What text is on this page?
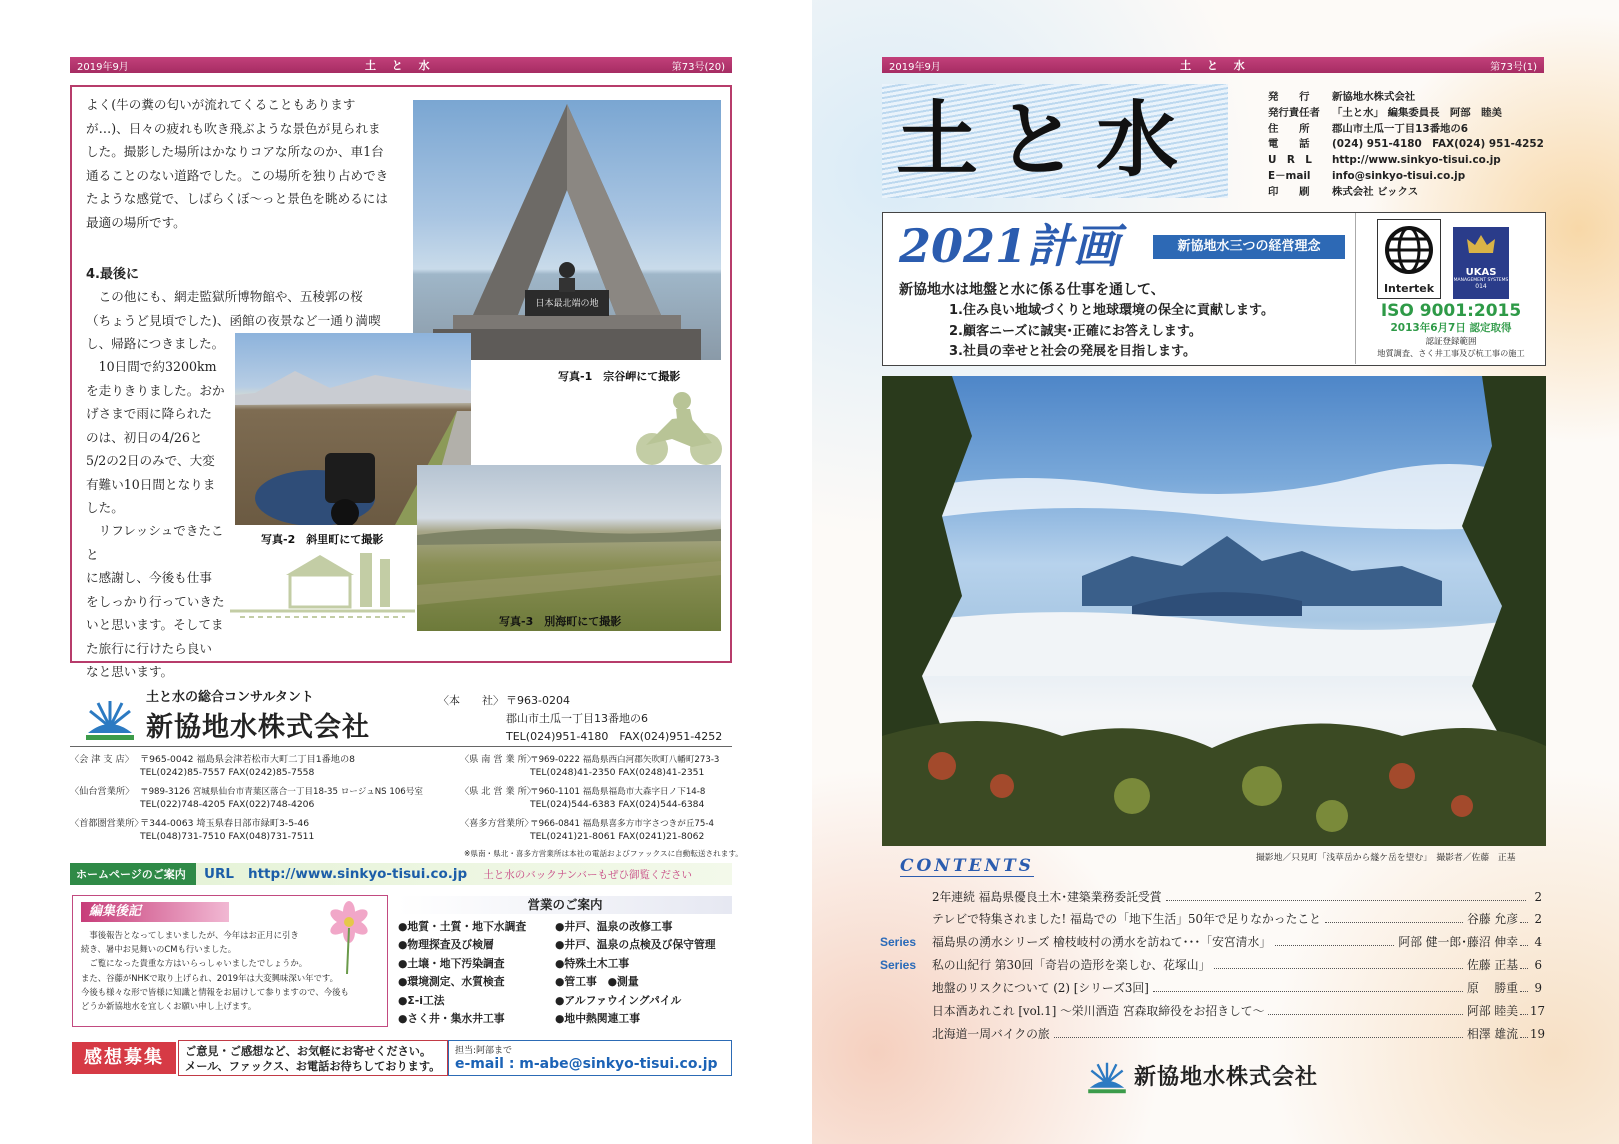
2019年9月	土 と 水	第73号(20)
よく(牛の糞の匂いが流れてくることもあります
が…)、日々の疲れも吹き飛ぶような景色が見られま
した。撮影した場所はかなりコアな所なのか、車1台
通ることのない道路でした。この場所を独り占めでき
たような感覚で、しばらくぼ〜っと景色を眺めるには
最適の場所です。
4.最後に
　この他にも、網走監獄所博物館や、五稜郭の桜
（ちょうど見頃でした)、函館の夜景など一通り満喫
し、帰路につきました。
　10日間で約3200km
を走りきりました。おか
げさまで雨に降られた
のは、初日の4/26と
5/2の2日のみで、大変
有難い10日間となりま
した。
　リフレッシュできたこと
に感謝し、今後も仕事
をしっかり行っていきた
いと思います。そしてま
た旅行に行けたら良い
なと思います。
日本最北端の地
写真-1　宗谷岬にて撮影
写真-2　斜里町にて撮影
写真-3　別海町にて撮影
土と水の総合コンサルタント
新協地水株式会社
〈本　　社〉 〒963-0204
郡山市土瓜一丁目13番地の6
TEL(024)951-4180　FAX(024)951-4252
〈会 津 支 店〉 〒965-0042 福島県会津若松市大町二丁目1番地の8
TEL(0242)85-7557 FAX(0242)85-7558
〈仙台営業所〉 〒989-3126 宮城県仙台市青葉区落合一丁目18-35 ロージュNS 106号室
TEL(022)748-4205 FAX(022)748-4206
〈首都圏営業所〉
〒344-0063 埼玉県春日部市緑町3-5-46
TEL(048)731-7510 FAX(048)731-7511
〈県 南 営 業 所〉
〒969-0222 福島県西白河郡矢吹町八幡町273-3
TEL(0248)41-2350 FAX(0248)41-2351
〈県 北 営 業 所〉
〒960-1101 福島県福島市大森字日ノ下14-8
TEL(024)544-6383 FAX(024)544-6384
〈喜多方営業所〉
〒966-0841 福島県喜多方市字さつきが丘75-4
TEL(0241)21-8061 FAX(0241)21-8062
※県南・県北・喜多方営業所は本社の電話およびファックスに自動転送されます。
ホームページのご案内	URL http://www.sinkyo-tisui.co.jp 土と水のバックナンバーもぜひ御覧ください
編集後記
　事後報告となってしまいましたが、今年はお正月に引き
続き、暑中お見舞いのCMも行いました。
　ご覧になった貴重な方はいらっしゃいましたでしょうか。
また、谷藤がNHKで取り上げられ、2019年は大変興味深い年です。
今後も様々な形で皆様に知識と情報をお届けして参りますので、今後も
どうか新協地水を宜しくお願い申し上げます。
営業のご案内
●地質・土質・地下水調査
●物理探査及び検層
●土壌・地下汚染調査
●環境測定、水質検査
●Σ-i工法
●さく井・集水井工事
●井戸、温泉の改修工事
●井戸、温泉の点検及び保守管理
●特殊土木工事
●管工事　●測量
●アルファウイングパイル
●地中熱関連工事
感想募集	ご意見・ご感想など、お気軽にお寄せください。
メール、ファックス、お電話お待ちしております。
担当:阿部まで
e-mail : m-abe@sinkyo-tisui.co.jp
2019年9月	土 と 水	第73号(1)
土と水	発　　行	新協地水株式会社
発行責任者	「土と水」 編集委員長　阿部　睦美
住　　所	郡山市土瓜一丁目13番地の6
電　　話	(024) 951-4180　FAX(024) 951-4252
U　R　L	http://www.sinkyo-tisui.co.jp
E－mail	info@sinkyo-tisui.co.jp
印　　刷	株式会社 ビックス
2021計画	新協地水三つの経営理念
新協地水は地盤と水に係る仕事を通して、
1.住み良い地域づくりと地球環境の保全に貢献します。
2.顧客ニーズに誠実･正確にお答えします。
3.社員の幸せと社会の発展を目指します。
Intertek
UKAS
MANAGEMENT SYSTEMS
014
ISO 9001:2015
2013年6月7日 認定取得
認証登録範囲
地質調査、さく井工事及び杭工事の施工
撮影地／只見町「浅草岳から燧ケ岳を望む」　撮影者／佐藤　正基
CONTENTS
2年連続 福島県優良土木･建築業務委託受賞	2
テレビで特集されました! 福島での「地下生活」50年で足りなかったこと	谷藤 允彦	2
Series	福島県の湧水シリーズ 檜枝岐村の湧水を訪ねて･･･「安宮清水」	阿部 健一郎･藤沼 伸幸	4
Series	私の山紀行 第30回「奇岩の造形を楽しむ、花塚山」	佐藤 正基	6
地盤のリスクについて (2) [シリーズ3回]	原　 勝重	9
日本酒あれこれ [vol.1] 〜栄川酒造 宮森取締役をお招きして〜	阿部 睦美 17
北海道一周バイクの旅	相澤 雄流 19
新協地水株式会社
